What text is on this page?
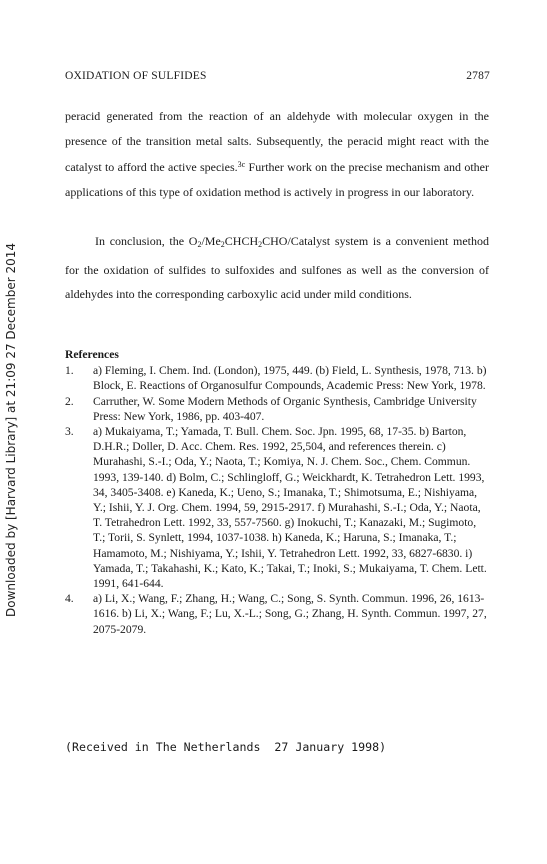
Downloaded by [Harvard Library] at 21:09 27 December 2014
OXIDATION OF SULFIDES	2787

peracid generated from the reaction of an aldehyde with molecular oxygen in the presence of the transition metal salts. Subsequently, the peracid might react with the catalyst to afford the active species.$^{3c}$ Further work on the precise mechanism and other applications of this type of oxidation method is actively in progress in our laboratory.

In conclusion, the $O_2/Me_2CHCH_2CHO$/Catalyst system is a convenient method for the oxidation of sulfides to sulfoxides and sulfones as well as the conversion of aldehydes into the corresponding carboxylic acid under mild conditions.

References
1.	a) Fleming, I. Chem. Ind. (London), 1975, 449. (b) Field, L. Synthesis, 1978, 713. b) Block, E. Reactions of Organosulfur Compounds, Academic Press: New York, 1978.
2.	Carruther, W. Some Modern Methods of Organic Synthesis, Cambridge University Press: New York, 1986, pp. 403-407.
3.	a) Mukaiyama, T.; Yamada, T. Bull. Chem. Soc. Jpn. 1995, 68, 17-35. b) Barton, D.H.R.; Doller, D. Acc. Chem. Res. 1992, 25,504, and references therein. c) Murahashi, S.-I.; Oda, Y.; Naota, T.; Komiya, N. J. Chem. Soc., Chem. Commun. 1993, 139-140. d) Bolm, C.; Schlingloff, G.; Weickhardt, K. Tetrahedron Lett. 1993, 34, 3405-3408. e) Kaneda, K.; Ueno, S.; Imanaka, T.; Shimotsuma, E.; Nishiyama, Y.; Ishii, Y. J. Org. Chem. 1994, 59, 2915-2917. f) Murahashi, S.-I.; Oda, Y.; Naota, T. Tetrahedron Lett. 1992, 33, 557-7560. g) Inokuchi, T.; Kanazaki, M.; Sugimoto, T.; Torii, S. Synlett, 1994, 1037-1038. h) Kaneda, K.; Haruna, S.; Imanaka, T.; Hamamoto, M.; Nishiyama, Y.; Ishii, Y. Tetrahedron Lett. 1992, 33, 6827-6830. i) Yamada, T.; Takahashi, K.; Kato, K.; Takai, T.; Inoki, S.; Mukaiyama, T. Chem. Lett. 1991, 641-644.
4.	a) Li, X.; Wang, F.; Zhang, H.; Wang, C.; Song, S. Synth. Commun. 1996, 26, 1613-1616. b) Li, X.; Wang, F.; Lu, X.-L.; Song, G.; Zhang, H. Synth. Commun. 1997, 27, 2075-2079.
(Received in The Netherlands  27 January 1998)
